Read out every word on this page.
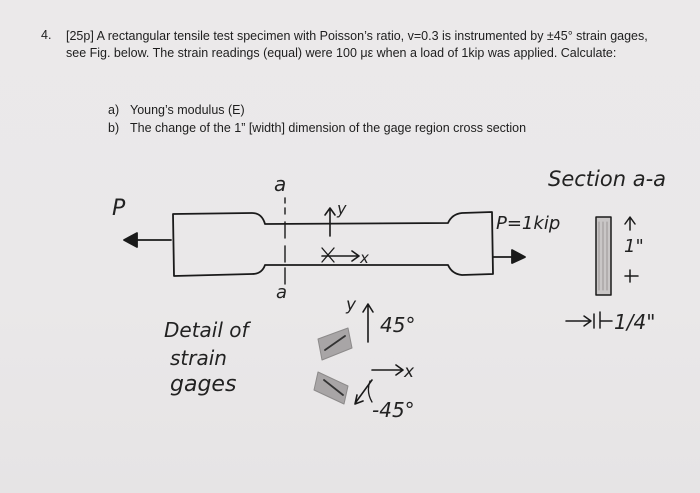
4. [25p] A rectangular tensile test specimen with Poisson’s ratio, v=0.3 is instrumented by ±45° strain gages, see Fig. below. The strain readings (equal) were 100 με when a load of 1kip was applied. Calculate:
a) Young’s modulus (E)
b) The change of the 1” [width] dimension of the gage region cross section
Section a-a
P
P=1kip
a
a
y
x
y
x
45°
-45°
Detail of
strain
gages
1"
1/4"
